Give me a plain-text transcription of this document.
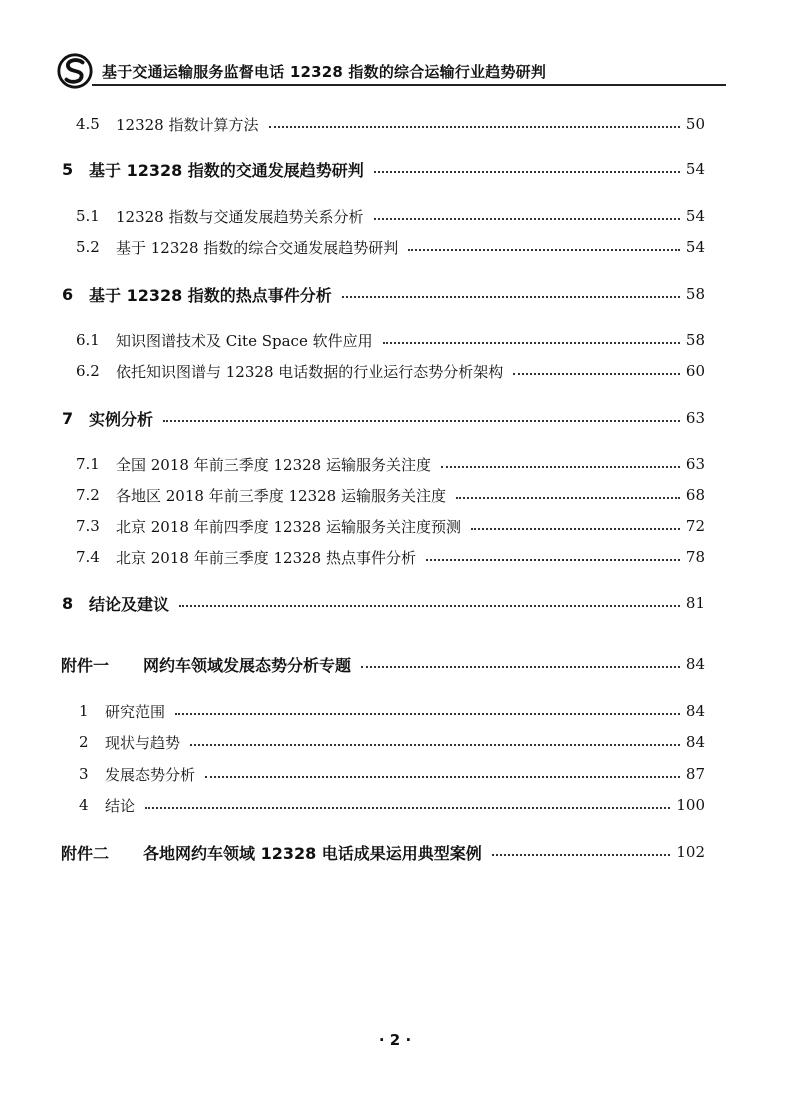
基于交通运输服务监督电话 12328 指数的综合运输行业趋势研判
4.5	12328 指数计算方法	50
5 基于 12328 指数的交通发展趋势研判	54
5.1	12328 指数与交通发展趋势关系分析	54
5.2	基于 12328 指数的综合交通发展趋势研判	54
6 基于 12328 指数的热点事件分析	58
6.1	知识图谱技术及 Cite Space 软件应用	58
6.2	依托知识图谱与 12328 电话数据的行业运行态势分析架构	60
7 实例分析	63
7.1	全国 2018 年前三季度 12328 运输服务关注度	63
7.2	各地区 2018 年前三季度 12328 运输服务关注度	68
7.3	北京 2018 年前四季度 12328 运输服务关注度预测	72
7.4	北京 2018 年前三季度 12328 热点事件分析	78
8 结论及建议	81
附件一	网约车领域发展态势分析专题	84
1	研究范围	84
2	现状与趋势	84
3	发展态势分析	87
4	结论	100
附件二	各地网约车领域 12328 电话成果运用典型案例	102
· 2 ·
